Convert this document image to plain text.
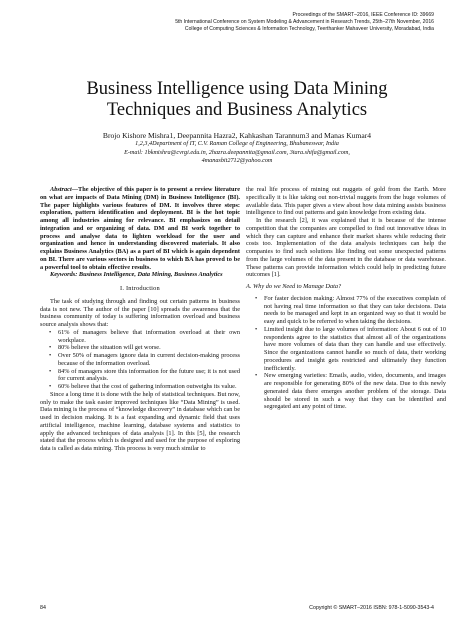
Proceedings of the SMART–2016, IEEE Conference ID: 39669
5th International Conference on System Modeling & Advancement in Research Trends, 25th–27th November, 2016
College of Computing Sciences & Information Technology, Teerthanker Mahaveer University, Moradabad, India
Business Intelligence using Data Mining
Techniques and Business Analytics
Brojo Kishore Mishra1, Deepannita Hazra2, Kahkashan Tarannum3 and Manas Kumar4
1,2,3,4Department of IT, C.V. Raman College of Engineering, Bhubaneswar, India
E-mail: 1bkmishra@cvrgi.edu.in, 2hazra.deepannita@gmail.com, 3tara.shifa@gmail.com,
4manasbit2712@yahoo.com

Abstract—The objective of this paper is to present a review literature on what are impacts of Data Mining (DM) in Business Intelligence (BI). The paper highlights various features of DM. It involves three steps: exploration, pattern identification and deployment. BI is the hot topic among all industries aiming for relevance. BI emphasizes on detail integration and or organizing of data. DM and BI work together to process and analyse data to lighten workload for the user and organization and hence in understanding discovered materials. It also explains Business Analytics (BA) as a part of BI which is again dependent on BI. There are various sectors in business to which BA has proved to be a powerful tool to obtain effective results.

Keywords: Business Intelligence, Data Mining, Business Analytics

I. Introduction

The task of studying through and finding out certain patterns in business data is not new. The author of the paper [10] spreads the awareness that the business community of today is suffering information overload and business source analysis shows that:

• 61% of managers believe that information overload at their own workplace.
• 80% believe the situation will get worse.
• Over 50% of managers ignore data in current decision-making process because of the information overload.
• 84% of managers store this information for the future use; it is not used for current analysis.
• 60% believe that the cost of gathering information outweighs its value.

Since a long time it is done with the help of statistical techniques. But now, only to make the task easier improved techniques like “Data Mining” is used. Data mining is the process of “knowledge discovery” in database which can be used in decision making. It is a fast expanding and dynamic field that uses artificial intelligence, machine learning, database systems and statistics to apply the advanced techniques of data analysis [1]. In this [5], the research stated that the process which is designed and used for the purpose of exploring data is called as data mining. This process is very much similar to

the real life process of mining out nuggets of gold from the Earth. More specifically it is like taking out non-trivial nuggets from the huge volumes of available data. This paper gives a view about how data mining assists business intelligence to find out patterns and gain knowledge from existing data.

In the research [2], it was explained that it is because of the intense competition that the companies are compelled to find out innovative ideas in which they can capture and enhance their market shares while reducing their costs too. Implementation of the data analysis techniques can help the companies to find such solutions like finding out some unexpected patterns from the large volumes of the data present in the database or data warehouse. These patterns can provide information which could help in predicting future outcomes [1].

A. Why do we Need to Manage Data?
• For faster decision making: Almost 77% of the executives complain of not having real time information so that they can take decisions. Data needs to be managed and kept in an organized way so that it would be easy and quick to be referred to when taking the decisions.
• Limited insight due to large volumes of information: About 6 out of 10 respondents agree to the statistics that almost all of the organizations have more volumes of data than they can handle and use effectively. Since the organizations cannot handle so much of data, their working procedures and insight gets restricted and ultimately they function inefficiently.
• New emerging varieties: Emails, audio, video, documents, and images are responsible for generating 80% of the new data. Due to this newly generated data there emerges another problem of the storage. Data should be stored in such a way that they can be identified and segregated ant any point of time.
84	Copyright © SMART–2016 ISBN: 978-1-5090-3543-4
